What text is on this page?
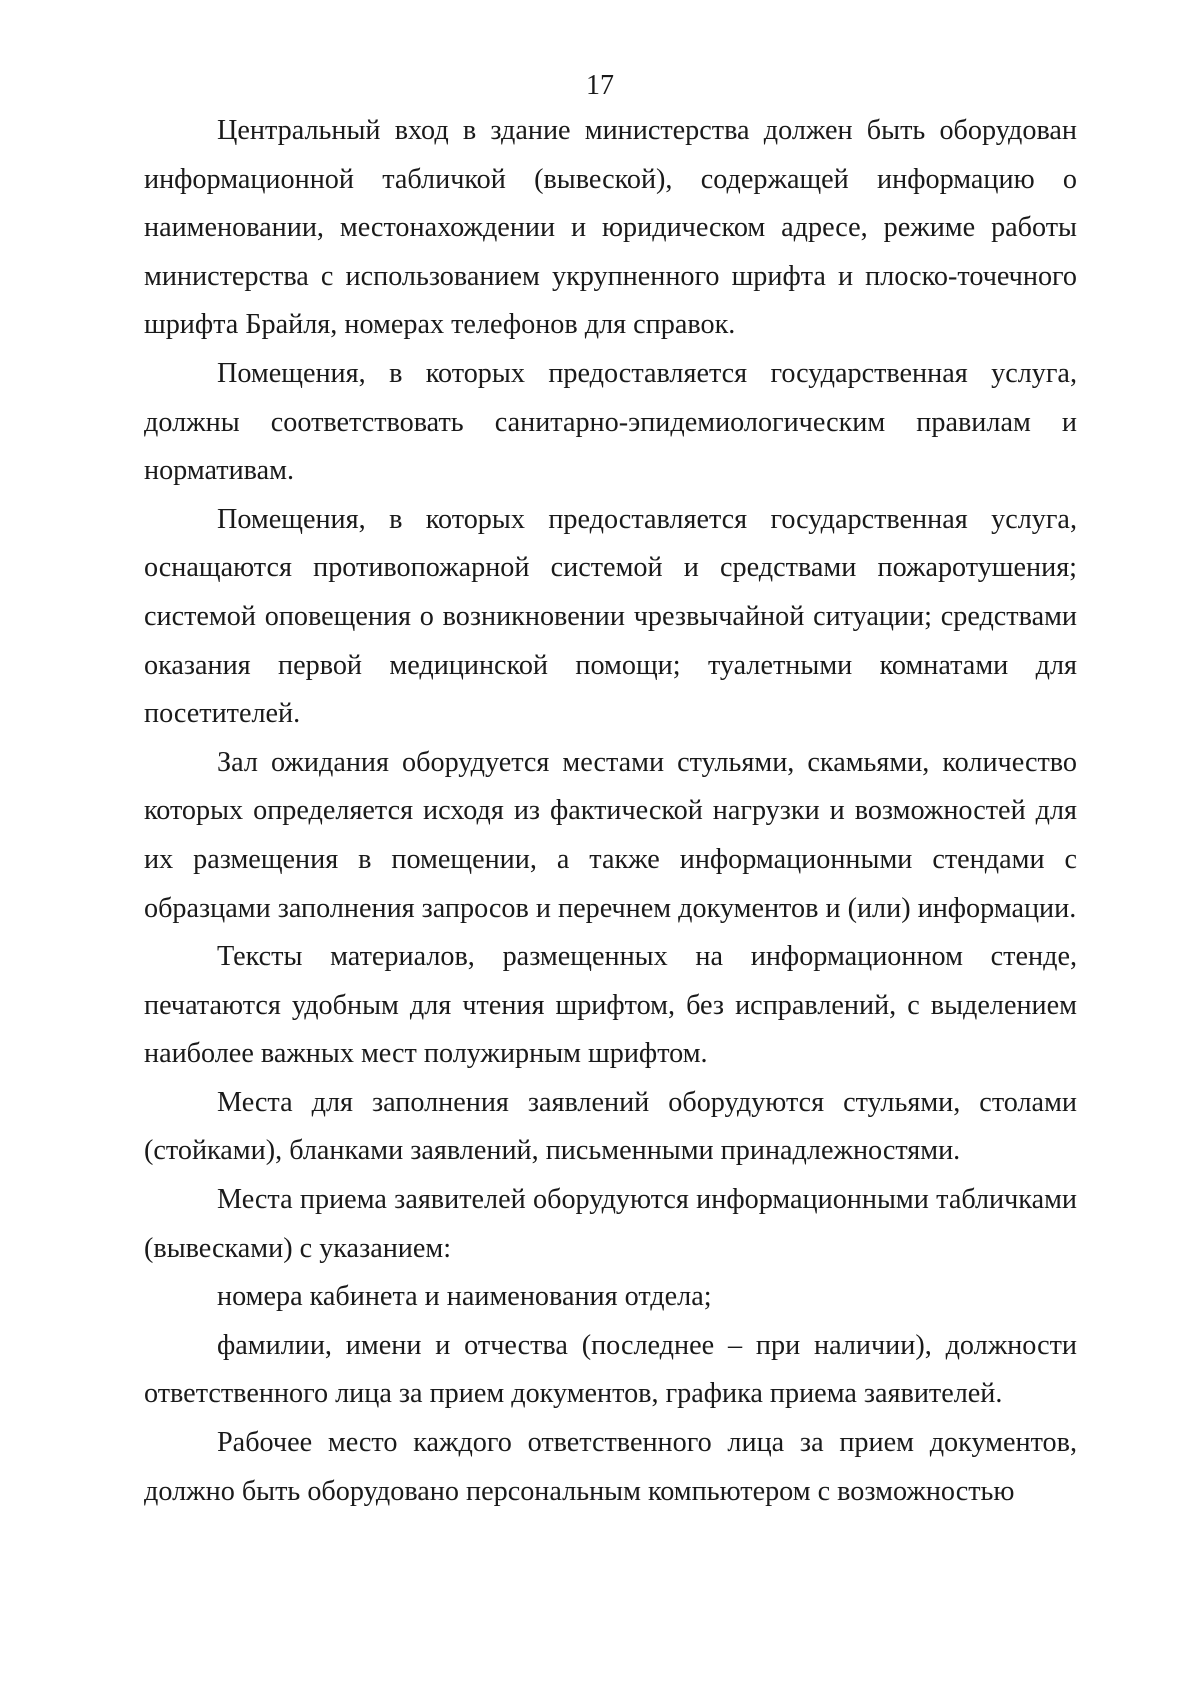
17

Центральный вход в здание министерства должен быть оборудован информационной табличкой (вывеской), содержащей информацию о наименовании, местонахождении и юридическом адресе, режиме работы министерства с использованием укрупненного шрифта и плоско-точечного шрифта Брайля, номерах телефонов для справок.

Помещения, в которых предоставляется государственная услуга, должны соответствовать санитарно-эпидемиологическим правилам и нормативам.

Помещения, в которых предоставляется государственная услуга, оснащаются противопожарной системой и средствами пожаротушения; системой оповещения о возникновении чрезвычайной ситуации; средствами оказания первой медицинской помощи; туалетными комнатами для посетителей.

Зал ожидания оборудуется местами стульями, скамьями, количество которых определяется исходя из фактической нагрузки и возможностей для их размещения в помещении, а также информационными стендами с образцами заполнения запросов и перечнем документов и (или) информации.

Тексты материалов, размещенных на информационном стенде, печатаются удобным для чтения шрифтом, без исправлений, с выделением наиболее важных мест полужирным шрифтом.

Места для заполнения заявлений оборудуются стульями, столами (стойками), бланками заявлений, письменными принадлежностями.

Места приема заявителей оборудуются информационными табличками (вывесками) с указанием:

номера кабинета и наименования отдела;

фамилии, имени и отчества (последнее – при наличии), должности ответственного лица за прием документов, графика приема заявителей.

Рабочее место каждого ответственного лица за прием документов, должно быть оборудовано персональным компьютером с возможностью
